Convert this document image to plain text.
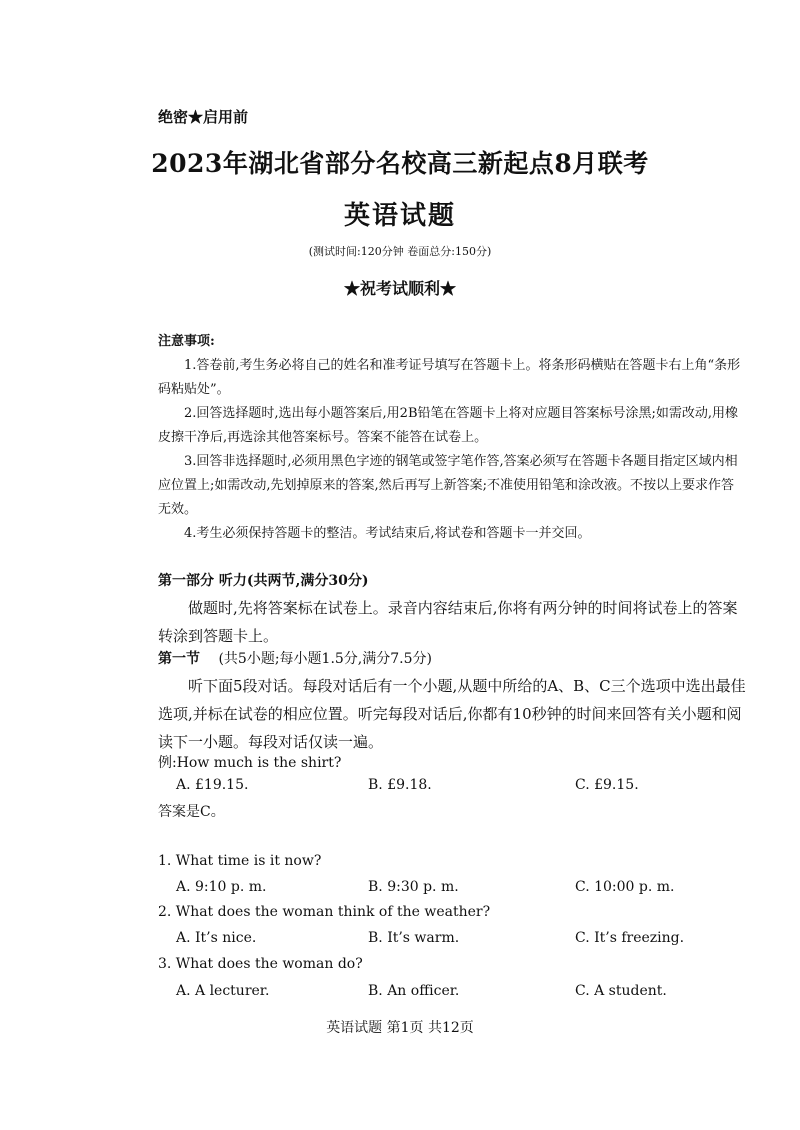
绝密★启用前
2023年湖北省部分名校高三新起点8月联考
英语试题
(测试时间:120分钟 卷面总分:150分)
★祝考试顺利★
注意事项:
1.答卷前,考生务必将自己的姓名和准考证号填写在答题卡上。将条形码横贴在答题卡右上角“条形码粘贴处”。
2.回答选择题时,选出每小题答案后,用2B铅笔在答题卡上将对应题目答案标号涂黑;如需改动,用橡皮擦干净后,再选涂其他答案标号。答案不能答在试卷上。
3.回答非选择题时,必须用黑色字迹的钢笔或签字笔作答,答案必须写在答题卡各题目指定区域内相应位置上;如需改动,先划掉原来的答案,然后再写上新答案;不准使用铅笔和涂改液。不按以上要求作答无效。
4.考生必须保持答题卡的整洁。考试结束后,将试卷和答题卡一并交回。
第一部分 听力(共两节,满分30分)
做题时,先将答案标在试卷上。录音内容结束后,你将有两分钟的时间将试卷上的答案转涂到答题卡上。
第一节 (共5小题;每小题1.5分,满分7.5分)
听下面5段对话。每段对话后有一个小题,从题中所给的A、B、C三个选项中选出最佳选项,并标在试卷的相应位置。听完每段对话后,你都有10秒钟的时间来回答有关小题和阅读下一小题。每段对话仅读一遍。
例:How much is the shirt?
A. £19.15.	B. £9.18.	C. £9.15.
答案是C。
1. What time is it now?
A. 9:10 p. m.	B. 9:30 p. m.	C. 10:00 p. m.
2. What does the woman think of the weather?
A. It’s nice.	B. It’s warm.	C. It’s freezing.
3. What does the woman do?
A. A lecturer.	B. An officer.	C. A student.
英语试题 第1页 共12页
